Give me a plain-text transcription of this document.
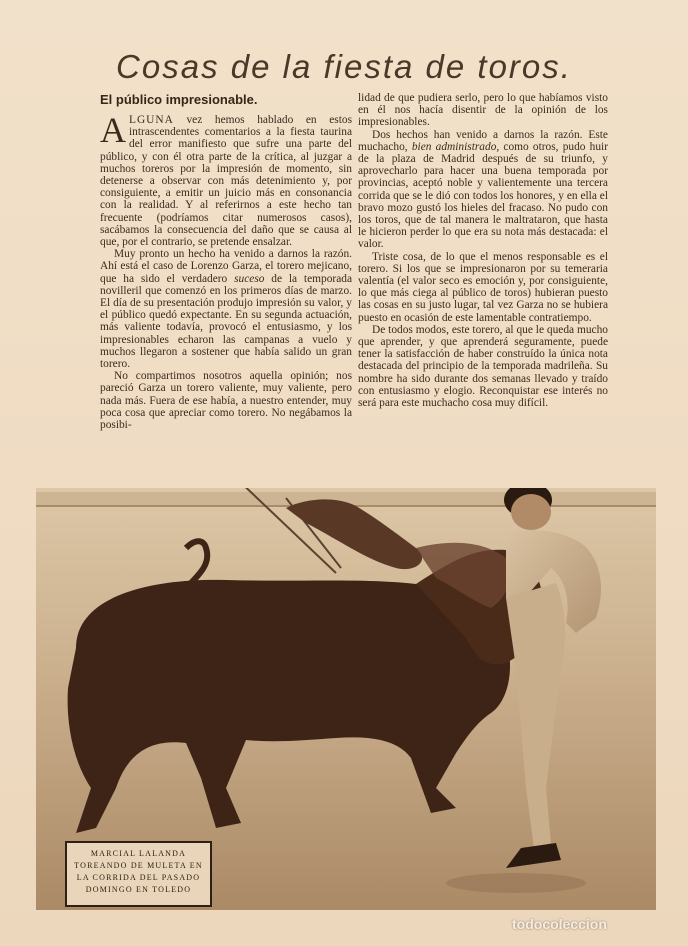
Cosas de la fiesta de toros.
El público impresionable.

ALGUNA vez hemos hablado en estos intrascendentes comentarios a la fiesta taurina del error manifiesto que sufre una parte del público, y con él otra parte de la crítica, al juzgar a muchos toreros por la impresión de momento, sin detenerse a observar con más detenimiento y, por consiguiente, a emitir un juicio más en consonancia con la realidad. Y al referirnos a este hecho tan frecuente (podríamos citar numerosos casos), sacábamos la consecuencia del daño que se causa al que, por el contrario, se pretende ensalzar.

Muy pronto un hecho ha venido a darnos la razón. Ahí está el caso de Lorenzo Garza, el torero mejicano, que ha sido el verdadero suceso de la temporada novilleril que comenzó en los primeros días de marzo. El día de su presentación produjo impresión su valor, y el público quedó expectante. En su segunda actuación, más valiente todavía, provocó el entusiasmo, y los impresionables echaron las campanas a vuelo y muchos llegaron a sostener que había salido un gran torero.

No compartimos nosotros aquella opinión; nos pareció Garza un torero valiente, muy valiente, pero nada más. Fuera de ese había, a nuestro entender, muy poca cosa que apreciar como torero. No negábamos la posibi-

lidad de que pudiera serlo, pero lo que habíamos visto en él nos hacía disentir de la opinión de los impresionables.

Dos hechos han venido a darnos la razón. Este muchacho, bien administrado, como otros, pudo huir de la plaza de Madrid después de su triunfo, y aprovecharlo para hacer una buena temporada por provincias, aceptó noble y valientemente una tercera corrida que se le dió con todos los honores, y en ella el bravo mozo gustó los hieles del fracaso. No pudo con los toros, que de tal manera le maltrataron, que hasta le hicieron perder lo que era su nota más destacada: el valor.

Triste cosa, de lo que el menos responsable es el torero. Si los que se impresionaron por su temeraria valentía (el valor seco es emoción y, por consiguiente, lo que más ciega al público de toros) hubieran puesto las cosas en su justo lugar, tal vez Garza no se hubiera puesto en ocasión de este lamentable contratiempo.

De todos modos, este torero, al que le queda mucho que aprender, y que aprenderá seguramente, puede tener la satisfacción de haber construído la única nota destacada del principio de la temporada madrileña. Su nombre ha sido durante dos semanas llevado y traído con entusiasmo y elogio. Reconquistar ese interés no será para este muchacho cosa muy difícil.

MARCIAL LALANDA TOREANDO DE MULETA EN LA CORRIDA DEL PASADO DOMINGO EN TOLEDO
todocoleccion
